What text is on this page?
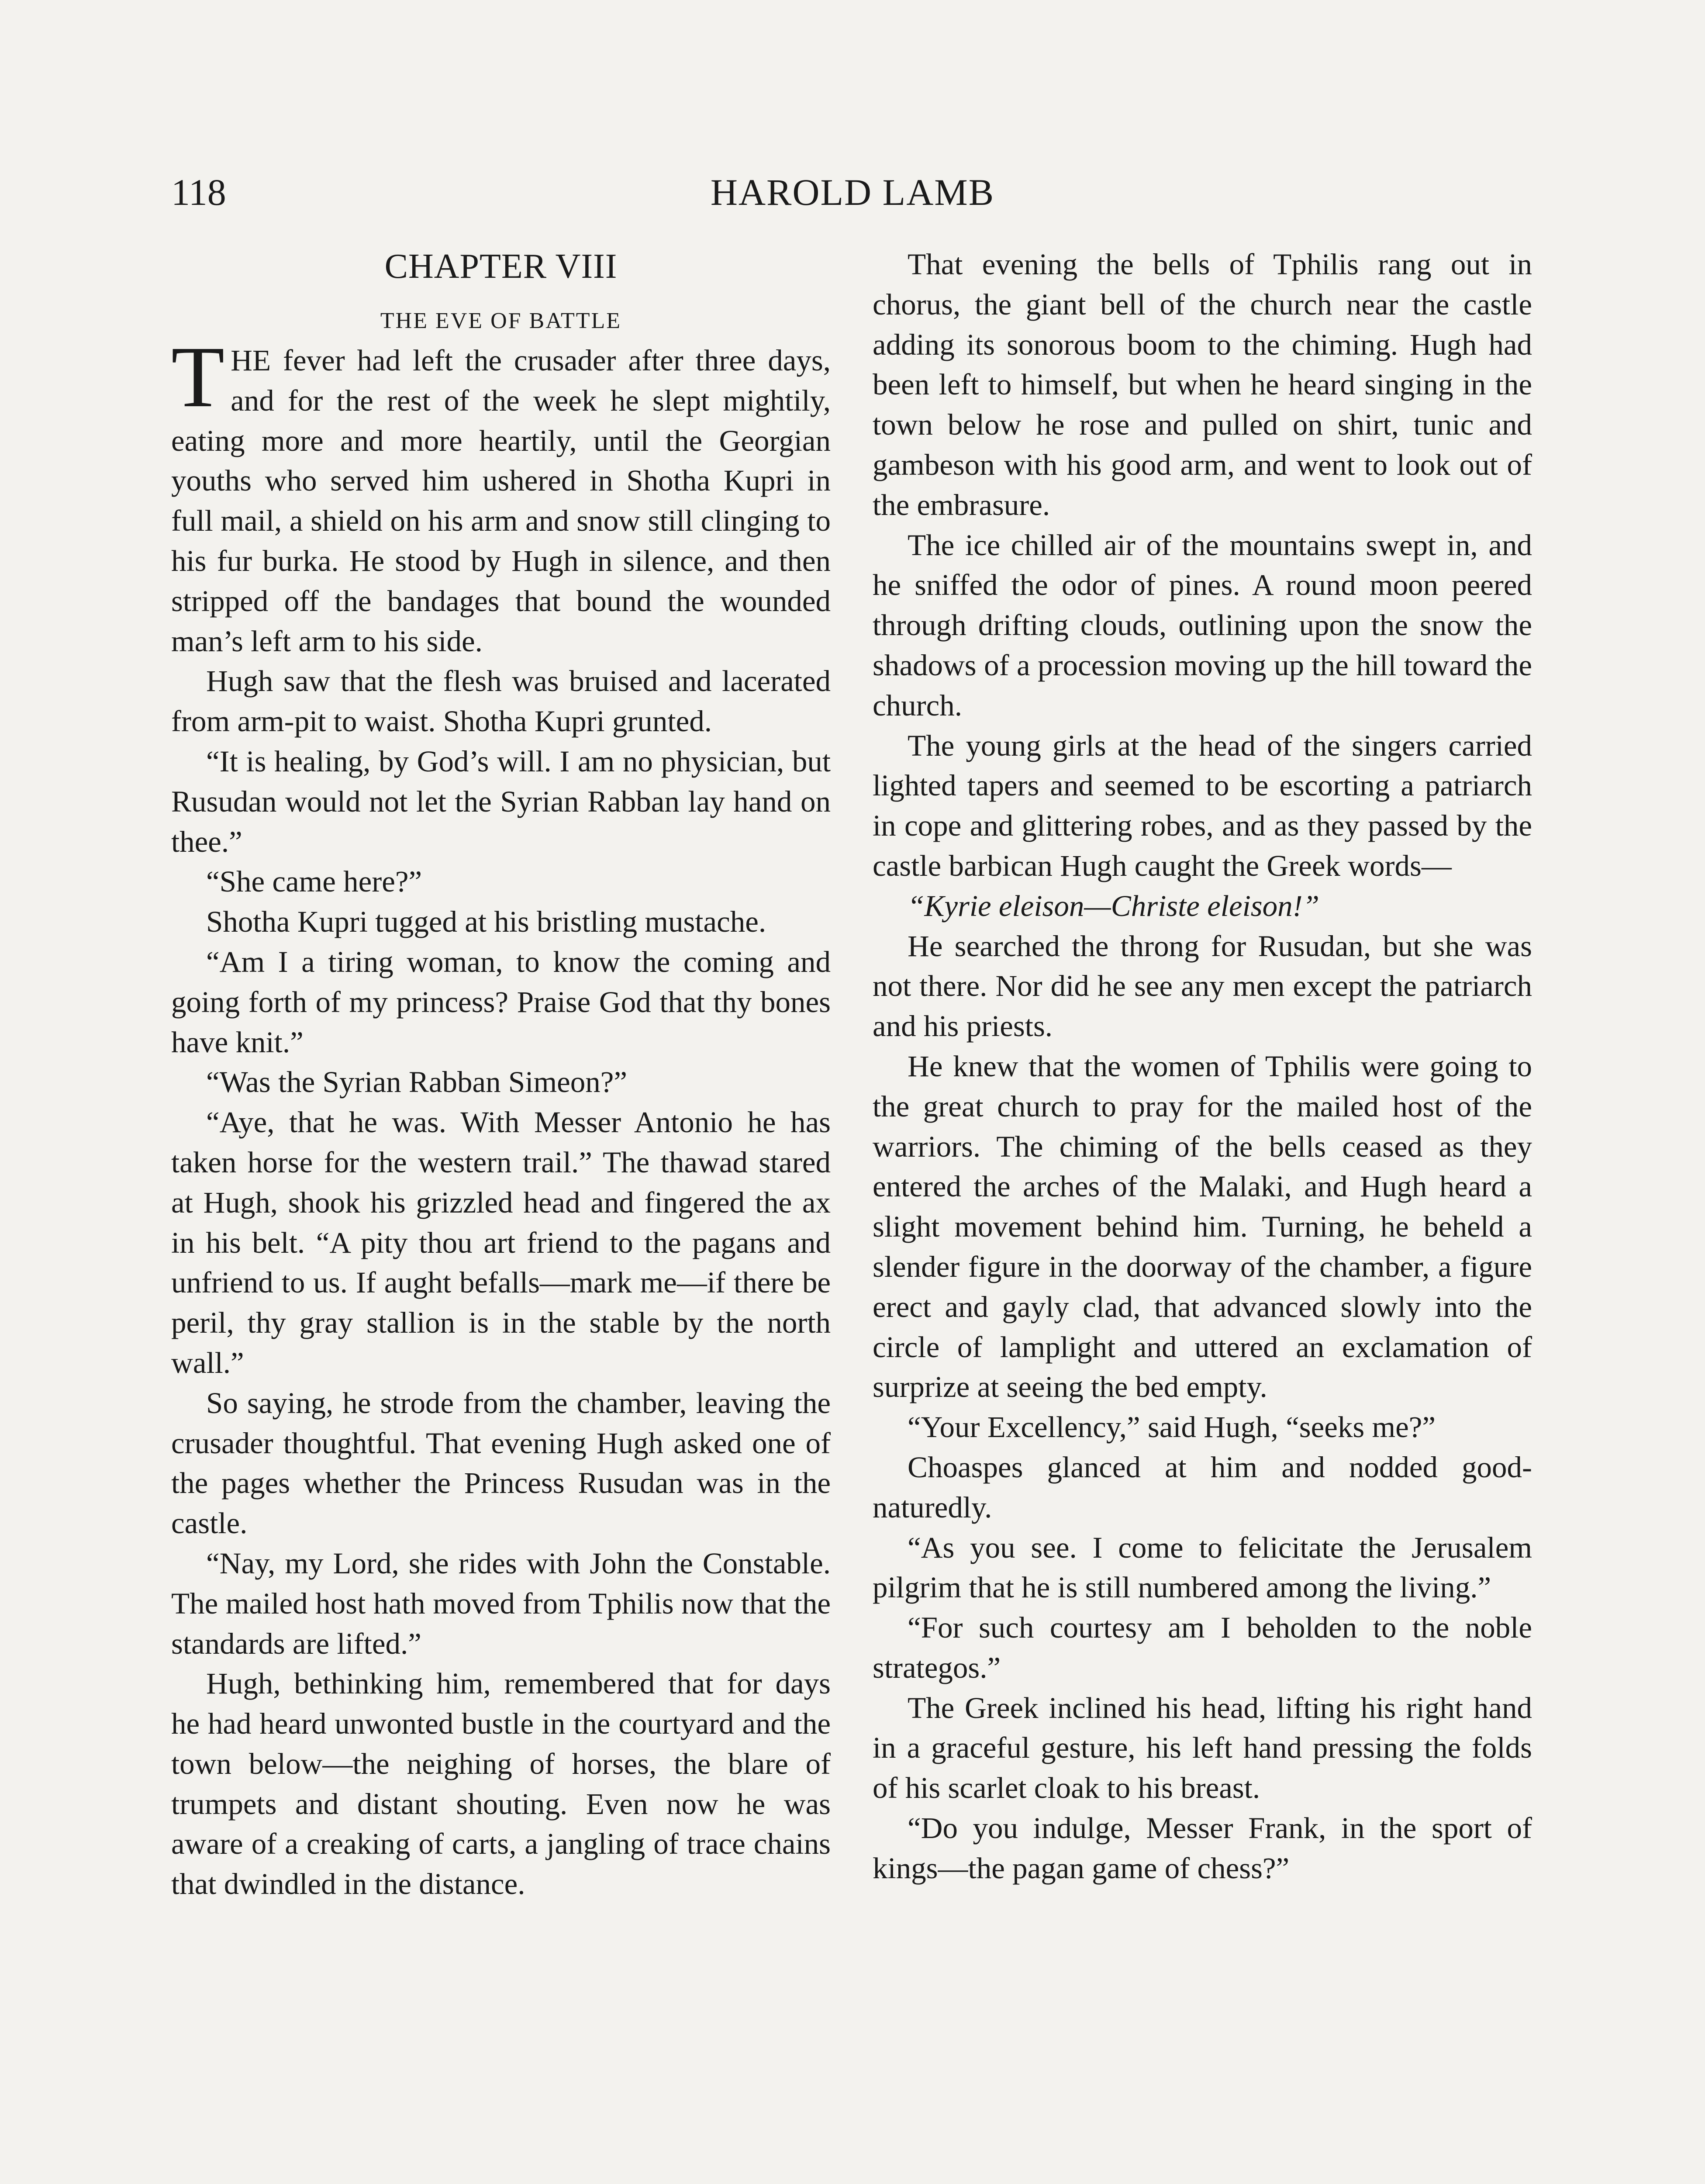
118	HAROLD LAMB
CHAPTER VIII
THE EVE OF BATTLE

THE fever had left the crusader after three days, and for the rest of the week he slept mightily, eating more and more heartily, until the Georgian youths who served him ushered in Shotha Kupri in full mail, a shield on his arm and snow still clinging to his fur burka. He stood by Hugh in silence, and then stripped off the bandages that bound the wounded man’s left arm to his side.

Hugh saw that the flesh was bruised and lacerated from arm-pit to waist. Shotha Kupri grunted.

“It is healing, by God’s will. I am no physician, but Rusudan would not let the Syrian Rabban lay hand on thee.”

“She came here?”

Shotha Kupri tugged at his bristling mustache.

“Am I a tiring woman, to know the coming and going forth of my princess? Praise God that thy bones have knit.”

“Was the Syrian Rabban Simeon?”

“Aye, that he was. With Messer Antonio he has taken horse for the western trail.” The thawad stared at Hugh, shook his grizzled head and fingered the ax in his belt. “A pity thou art friend to the pagans and unfriend to us. If aught befalls—mark me—if there be peril, thy gray stallion is in the stable by the north wall.”

So saying, he strode from the chamber, leaving the crusader thoughtful. That evening Hugh asked one of the pages whether the Princess Rusudan was in the castle.

“Nay, my Lord, she rides with John the Constable. The mailed host hath moved from Tphilis now that the standards are lifted.”

Hugh, bethinking him, remembered that for days he had heard unwonted bustle in the courtyard and the town below—the neighing of horses, the blare of trumpets and distant shouting. Even now he was aware of a creaking of carts, a jangling of trace chains that dwindled in the distance.

That evening the bells of Tphilis rang out in chorus, the giant bell of the church near the castle adding its sonorous boom to the chiming. Hugh had been left to himself, but when he heard singing in the town below he rose and pulled on shirt, tunic and gambeson with his good arm, and went to look out of the embrasure.

The ice chilled air of the mountains swept in, and he sniffed the odor of pines. A round moon peered through drifting clouds, outlining upon the snow the shadows of a procession moving up the hill toward the church.

The young girls at the head of the singers carried lighted tapers and seemed to be escorting a patriarch in cope and glittering robes, and as they passed by the castle barbican Hugh caught the Greek words—

“Kyrie eleison—Christe eleison!”

He searched the throng for Rusudan, but she was not there. Nor did he see any men except the patriarch and his priests.

He knew that the women of Tphilis were going to the great church to pray for the mailed host of the warriors. The chiming of the bells ceased as they entered the arches of the Malaki, and Hugh heard a slight movement behind him. Turning, he beheld a slender figure in the doorway of the chamber, a figure erect and gayly clad, that advanced slowly into the circle of lamplight and uttered an exclamation of surprize at seeing the bed empty.

“Your Excellency,” said Hugh, “seeks me?”

Choaspes glanced at him and nodded good-naturedly.

“As you see. I come to felicitate the Jerusalem pilgrim that he is still numbered among the living.”

“For such courtesy am I beholden to the noble strategos.”

The Greek inclined his head, lifting his right hand in a graceful gesture, his left hand pressing the folds of his scarlet cloak to his breast.

“Do you indulge, Messer Frank, in the sport of kings—the pagan game of chess?”
